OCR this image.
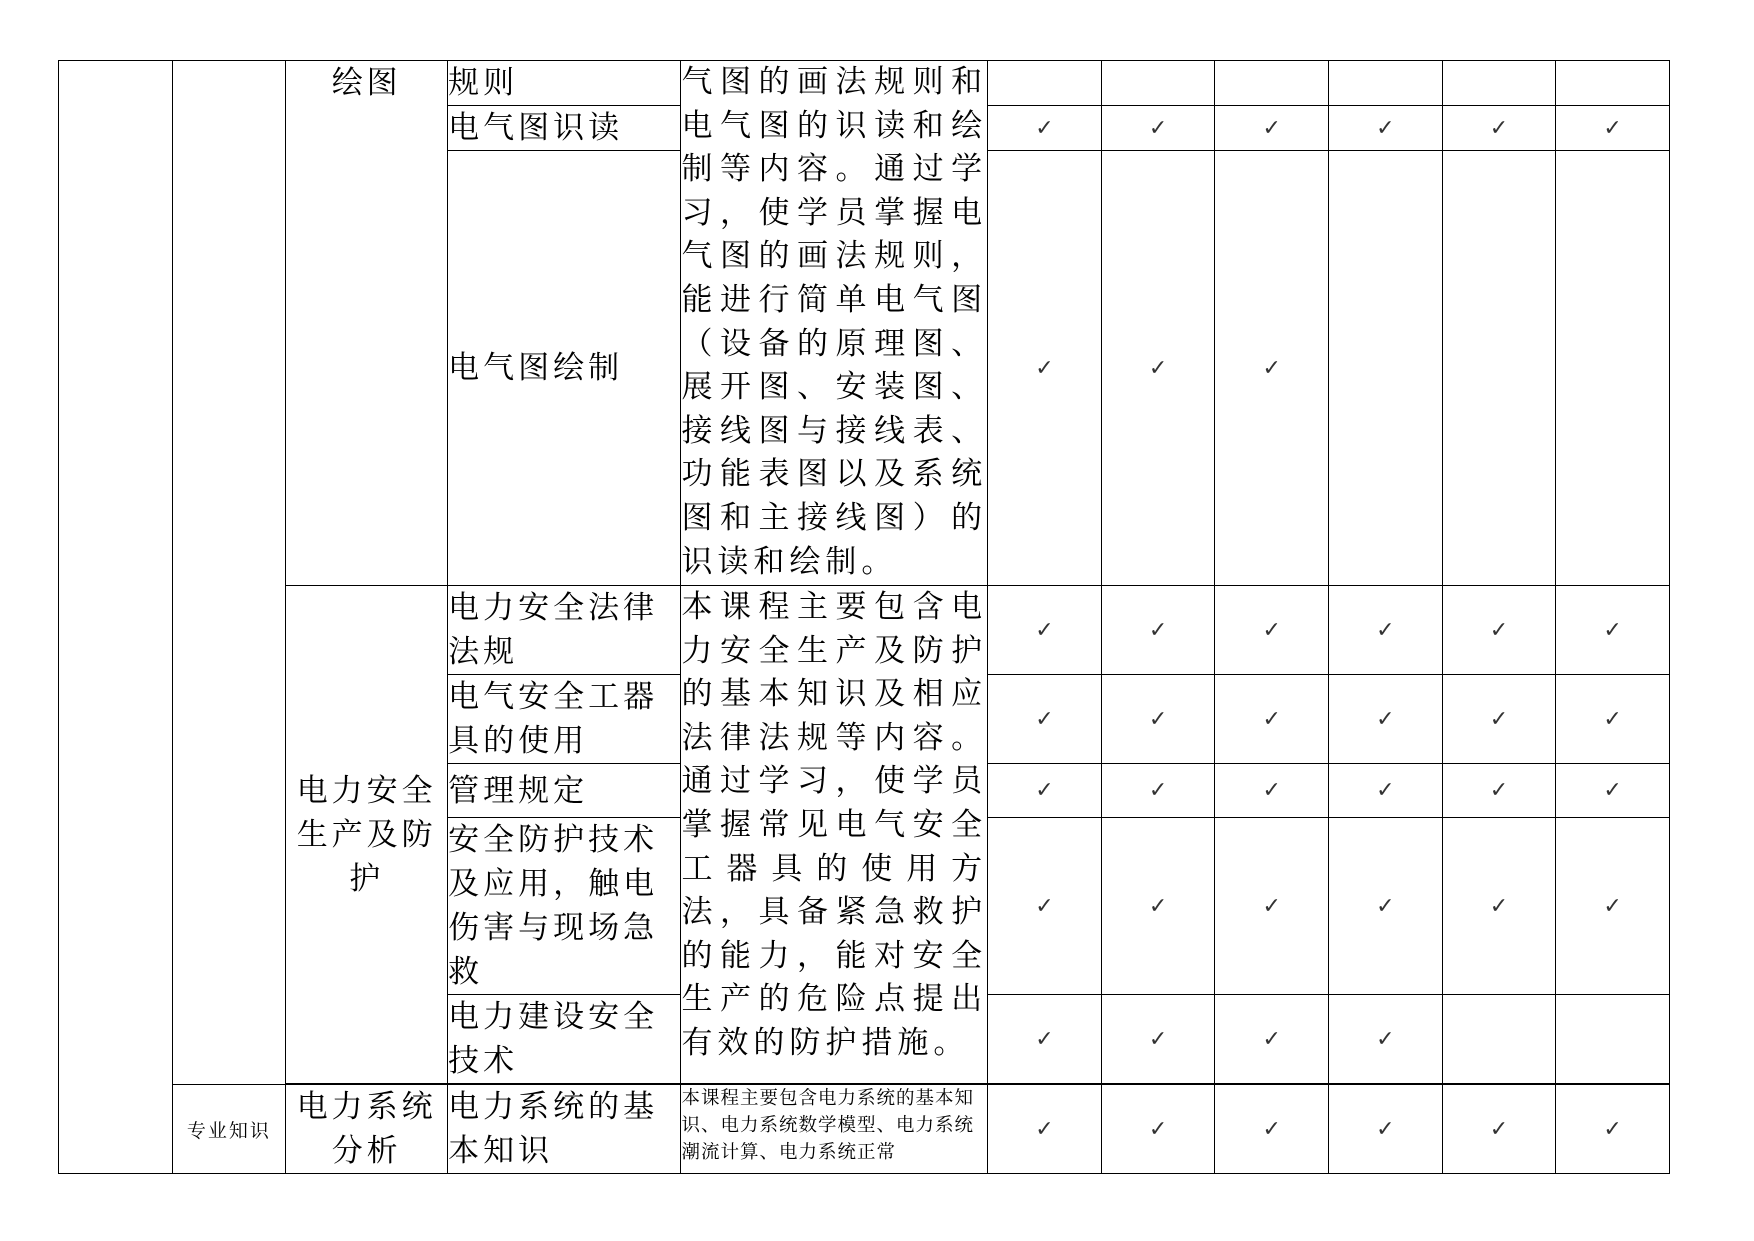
		绘图	规则	气图的画法规则和电气图的识读和绘制等内容。通过学习，使学员掌握电气图的画法规则，能进行简单电气图（设备的原理图、展开图、安装图、接线图与接线表、功能表图以及系统图和主接线图）的识读和绘制。						

			电气图识读		✓	✓	✓	✓	✓	✓

			电气图绘制		✓	✓	✓			

		电力安全生产及防护	电力安全法律法规	本课程主要包含电力安全生产及防护的基本知识及相应法律法规等内容。通过学习，使学员掌握常见电气安全工器具的使用方法，具备紧急救护的能力，能对安全生产的危险点提出有效的防护措施。	✓	✓	✓	✓	✓	✓

			电气安全工器具的使用		✓	✓	✓	✓	✓	✓

			管理规定		✓	✓	✓	✓	✓	✓

			安全防护技术及应用，触电伤害与现场急救		✓	✓	✓	✓	✓	✓

			电力建设安全技术		✓	✓	✓	✓		

	专业知识	电力系统分析	电力系统的基本知识	本课程主要包含电力系统的基本知识、电力系统数学模型、电力系统潮流计算、电力系统正常	✓	✓	✓	✓	✓	✓
